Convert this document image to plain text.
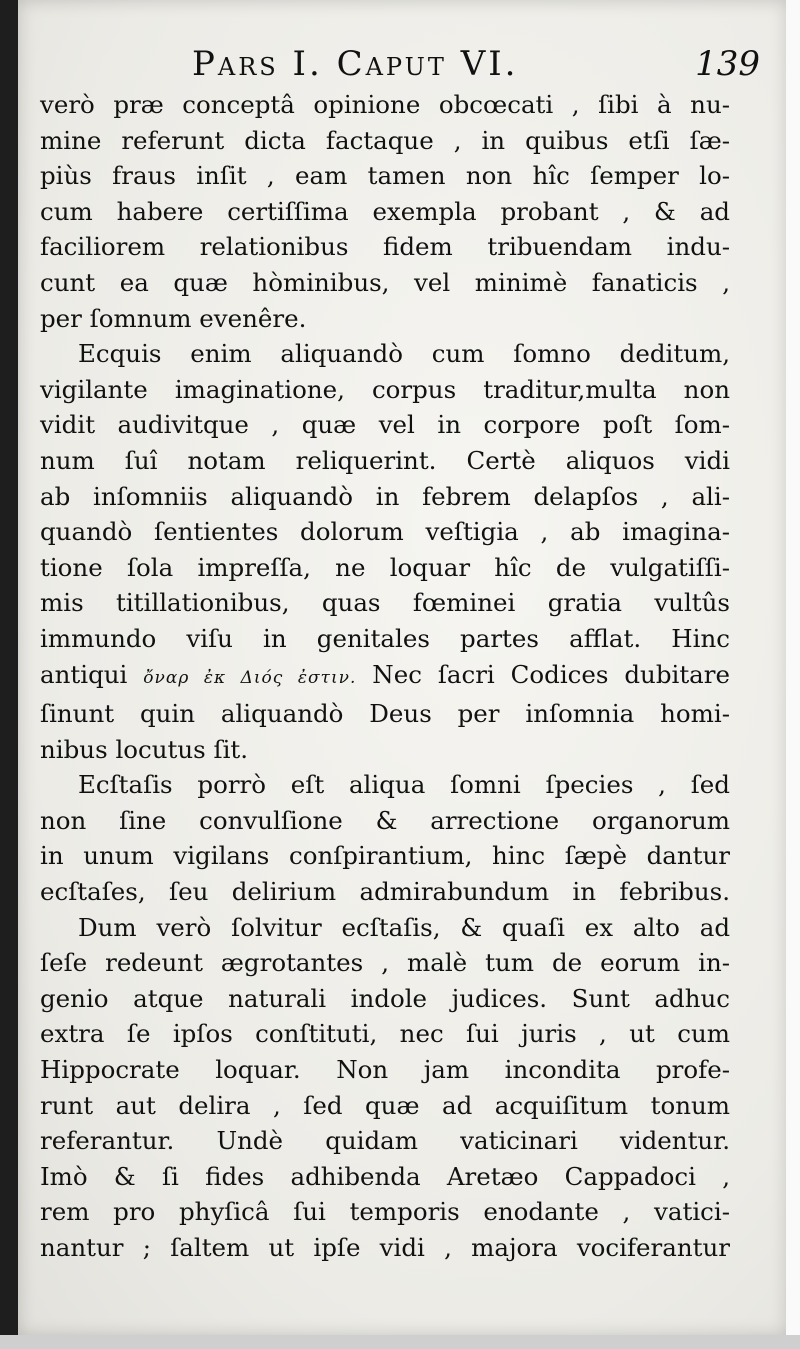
Pars I. Caput VI.	139
verò præ conceptâ opinione obcœcati , ſibi à nu-
mine referunt dicta factaque , in quibus etſi ſæ-
piùs fraus inſit , eam tamen non hîc ſemper lo-
cum habere certiſſima exempla probant , & ad
faciliorem relationibus fidem tribuendam indu-
cunt ea quæ hòminibus, vel minimè fanaticis ,
per ſomnum evenêre.
Ecquis enim aliquandò cum ſomno deditum,
vigilante imaginatione, corpus traditur,multa non
vidit audivitque , quæ vel in corpore poſt ſom-
num ſuî notam reliquerint. Certè aliquos vidi
ab inſomniis aliquandò in febrem delapſos , ali-
quandò ſentientes dolorum veſtigia , ab imagina-
tione ſola impreſſa, ne loquar hîc de vulgatiſſi-
mis titillationibus, quas fœminei gratia vultûs
immundo viſu in genitales partes afflat. Hinc
antiqui ὄναρ ἐκ Διός ἐστιν. Nec ſacri Codices dubitare
ſinunt quin aliquandò Deus per inſomnia homi-
nibus locutus ſit.
Ecſtaſis porrò eſt aliqua ſomni ſpecies , ſed
non ſine convulſione & arrectione organorum
in unum vigilans conſpirantium, hinc ſæpè dantur
ecſtaſes, ſeu delirium admirabundum in febribus.
Dum verò ſolvitur ecſtaſis, & quaſi ex alto ad
ſeſe redeunt ægrotantes , malè tum de eorum in-
genio atque naturali indole judices. Sunt adhuc
extra ſe ipſos conſtituti, nec ſui juris , ut cum
Hippocrate loquar. Non jam incondita profe-
runt aut delira , ſed quæ ad acquiſitum tonum
referantur. Undè quidam vaticinari videntur.
Imò & ſi fides adhibenda Aretæo Cappadoci ,
rem pro phyſicâ ſui temporis enodante , vatici-
nantur ; ſaltem ut ipſe vidi , majora vociferantur
